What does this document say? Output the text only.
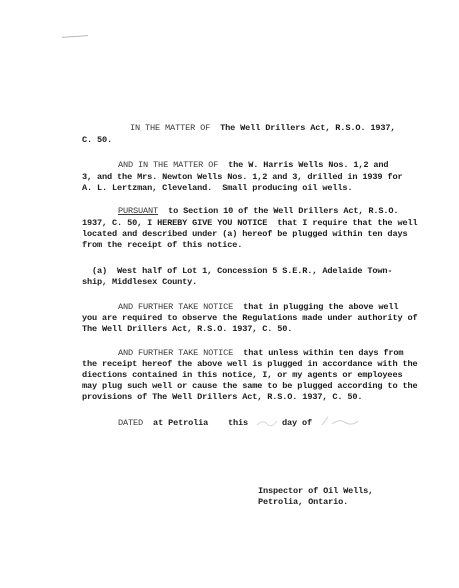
IN THE MATTER OF  The Well Drillers Act, R.S.O. 1937,
C. 50.
AND IN THE MATTER OF  the W. Harris Wells Nos. 1,2 and
3, and the Mrs. Newton Wells Nos. 1,2 and 3, drilled in 1939 for
A. L. Lertzman, Cleveland.  Small producing oil wells.
PURSUANT  to Section 10 of the Well Drillers Act, R.S.O.
1937, C. 50, I HEREBY GIVE YOU NOTICE  that I require that the well
located and described under (a) hereof be plugged within ten days
from the receipt of this notice.
(a)  West half of Lot 1, Concession 5 S.E.R., Adelaide Town-
ship, Middlesex County.
AND FURTHER TAKE NOTICE  that in plugging the above well
you are required to observe the Regulations made under authority of
The Well Drillers Act, R.S.O. 1937, C. 50.
AND FURTHER TAKE NOTICE  that unless within ten days from
the receipt hereof the above well is plugged in accordance with the
diections contained in this notice, I, or my agents or employees
may plug such well or cause the same to be plugged according to the
provisions of The Well Drillers Act, R.S.O. 1937, C. 50.
DATED  at Petrolia this	day of
Inspector of Oil Wells,
Petrolia, Ontario.
